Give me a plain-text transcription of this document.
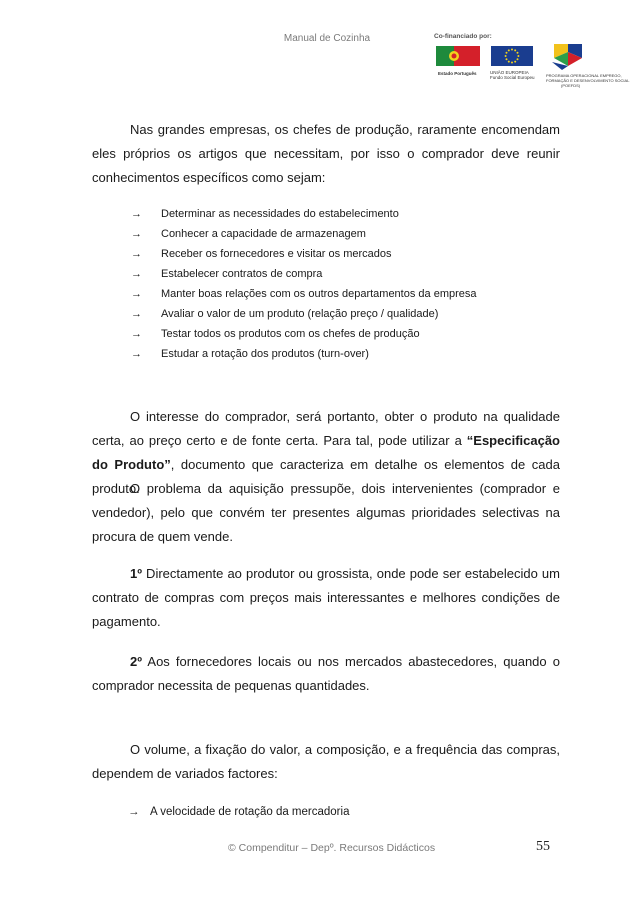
Manual de Cozinha	Co-financiado por:
Estado Português	UNIÃO EUROPEIA
Fundo Social Europeu	PROGRAMA OPERACIONAL EMPREGO,
FORMAÇÃO E DESENVOLVIMENTO SOCIAL
(POEFDS)

Nas grandes empresas, os chefes de produção, raramente encomendam eles próprios os artigos que necessitam, por isso o comprador deve reunir conhecimentos específicos como sejam:

→ Determinar as necessidades do estabelecimento
→ Conhecer a capacidade de armazenagem
→ Receber os fornecedores e visitar os mercados
→ Estabelecer contratos de compra
→ Manter boas relações com os outros departamentos da empresa
→ Avaliar o valor de um produto (relação preço / qualidade)
→ Testar todos os produtos com os chefes de produção
→ Estudar a rotação dos produtos (turn-over)

O interesse do comprador, será portanto, obter o produto na qualidade certa, ao preço certo e de fonte certa. Para tal, pode utilizar a “Especificação do Produto”, documento que caracteriza em detalhe os elementos de cada produto.

O problema da aquisição pressupõe, dois intervenientes (comprador e vendedor), pelo que convém ter presentes algumas prioridades selectivas na procura de quem vende.

1º Directamente ao produtor ou grossista, onde pode ser estabelecido um contrato de compras com preços mais interessantes e melhores condições de pagamento.

2º Aos fornecedores locais ou nos mercados abastecedores, quando o comprador necessita de pequenas quantidades.

O volume, a fixação do valor, a composição, e a frequência das compras, dependem de variados factores:

→ A velocidade de rotação da mercadoria
© Compenditur – Depº. Recursos Didácticos	55
